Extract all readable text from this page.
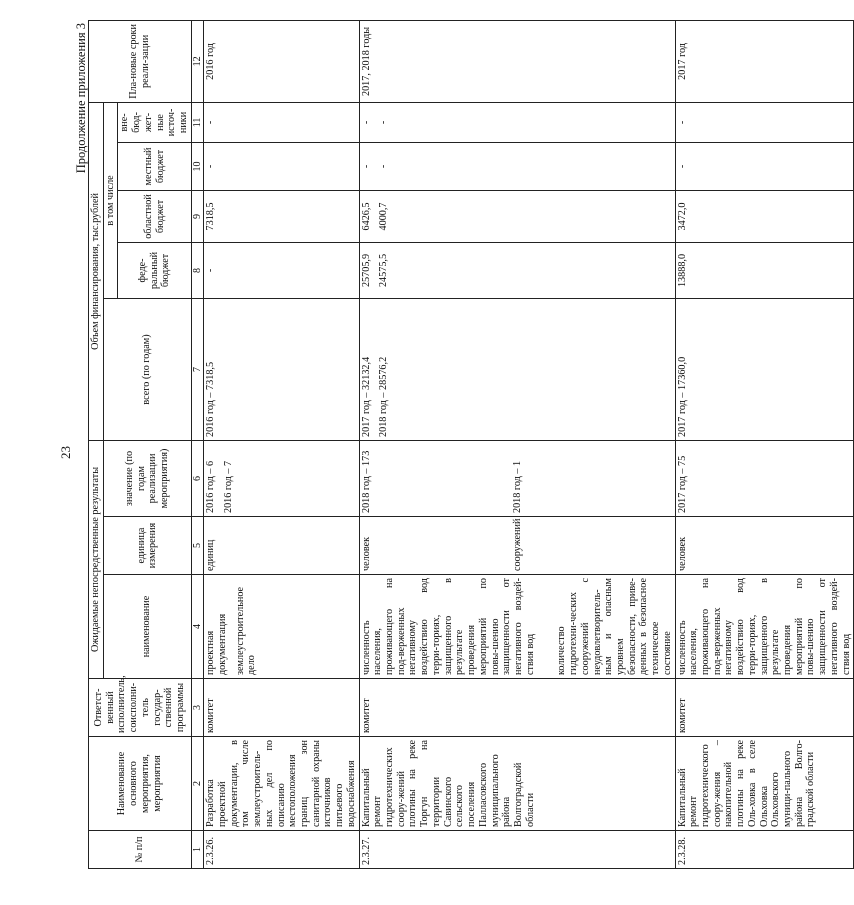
23
Продолжение приложения 3
№ п/п	Наименование основного мероприятия, мероприятия	Ответст-венный исполнитель, соисполни-тель государ-ственной программы	Ожидаемые непосредственные результаты			Объем финансирования, тыс.рублей					Пла-новые сроки реали-зации
			наименование	единица измерения	значение (по годам реализации мероприятия)	всего (по годам)	в том числе				
							феде-ральный бюджет	областной бюджет	местный бюджет	вне-бюд-жет-ные источ-ники	
1	2	3	4	5	6	7	8	9	10	11	12
2.3.26.	Разработка проектной документации, в том числе землеустроитель-ных дел по описанию местоположения границ зон санитарной охраны источников питьевого водоснабжения	комитет	проектная документация землеустроительное дело	единиц	2016 год – 6 2016 год – 7	2016 год – 7318,5	-	7318,5	-	-	2016 год
2.3.27.	Капитальный ремонт гидротехнических соору-жений плотины на реке Торгун на территории Савинского сельского поселения Палласовского муниципального района Волгоградской области	комитет	численность населения, проживающего на под-верженных негативному воздействию вод терри-ториях, защищенного в результате проведения мероприятий по повы-шению защищенности от негативного воздей-ствия вод количество гидротехни-ческих сооружений с неудовлетворитель-ным и опасным уровнем безопасности, приве-денных в безопасное техническое состояние	человек сооружений	2018 год – 173 2018 год – 1	2017 год – 32132,4 2018 год – 28576,2	25705,9 24575,5	6426,5 4000,7	- -	- -	2017, 2018 годы
2.3.28.	Капитальный ремонт гидротехнического соору-жения – накопительной плотины на реке Оль-ховка в селе Ольховка Ольховского муници-пального района Волго-градской области	комитет	численность населения, проживающего на под-верженных негативному воздействию вод терри-ториях, защищенного в результате проведения мероприятий по повы-шению защищенности от негативного воздей-ствия вод	человек	2017 год – 75	2017 год – 17360,0	13888,0	3472,0	-	-	2017 год
